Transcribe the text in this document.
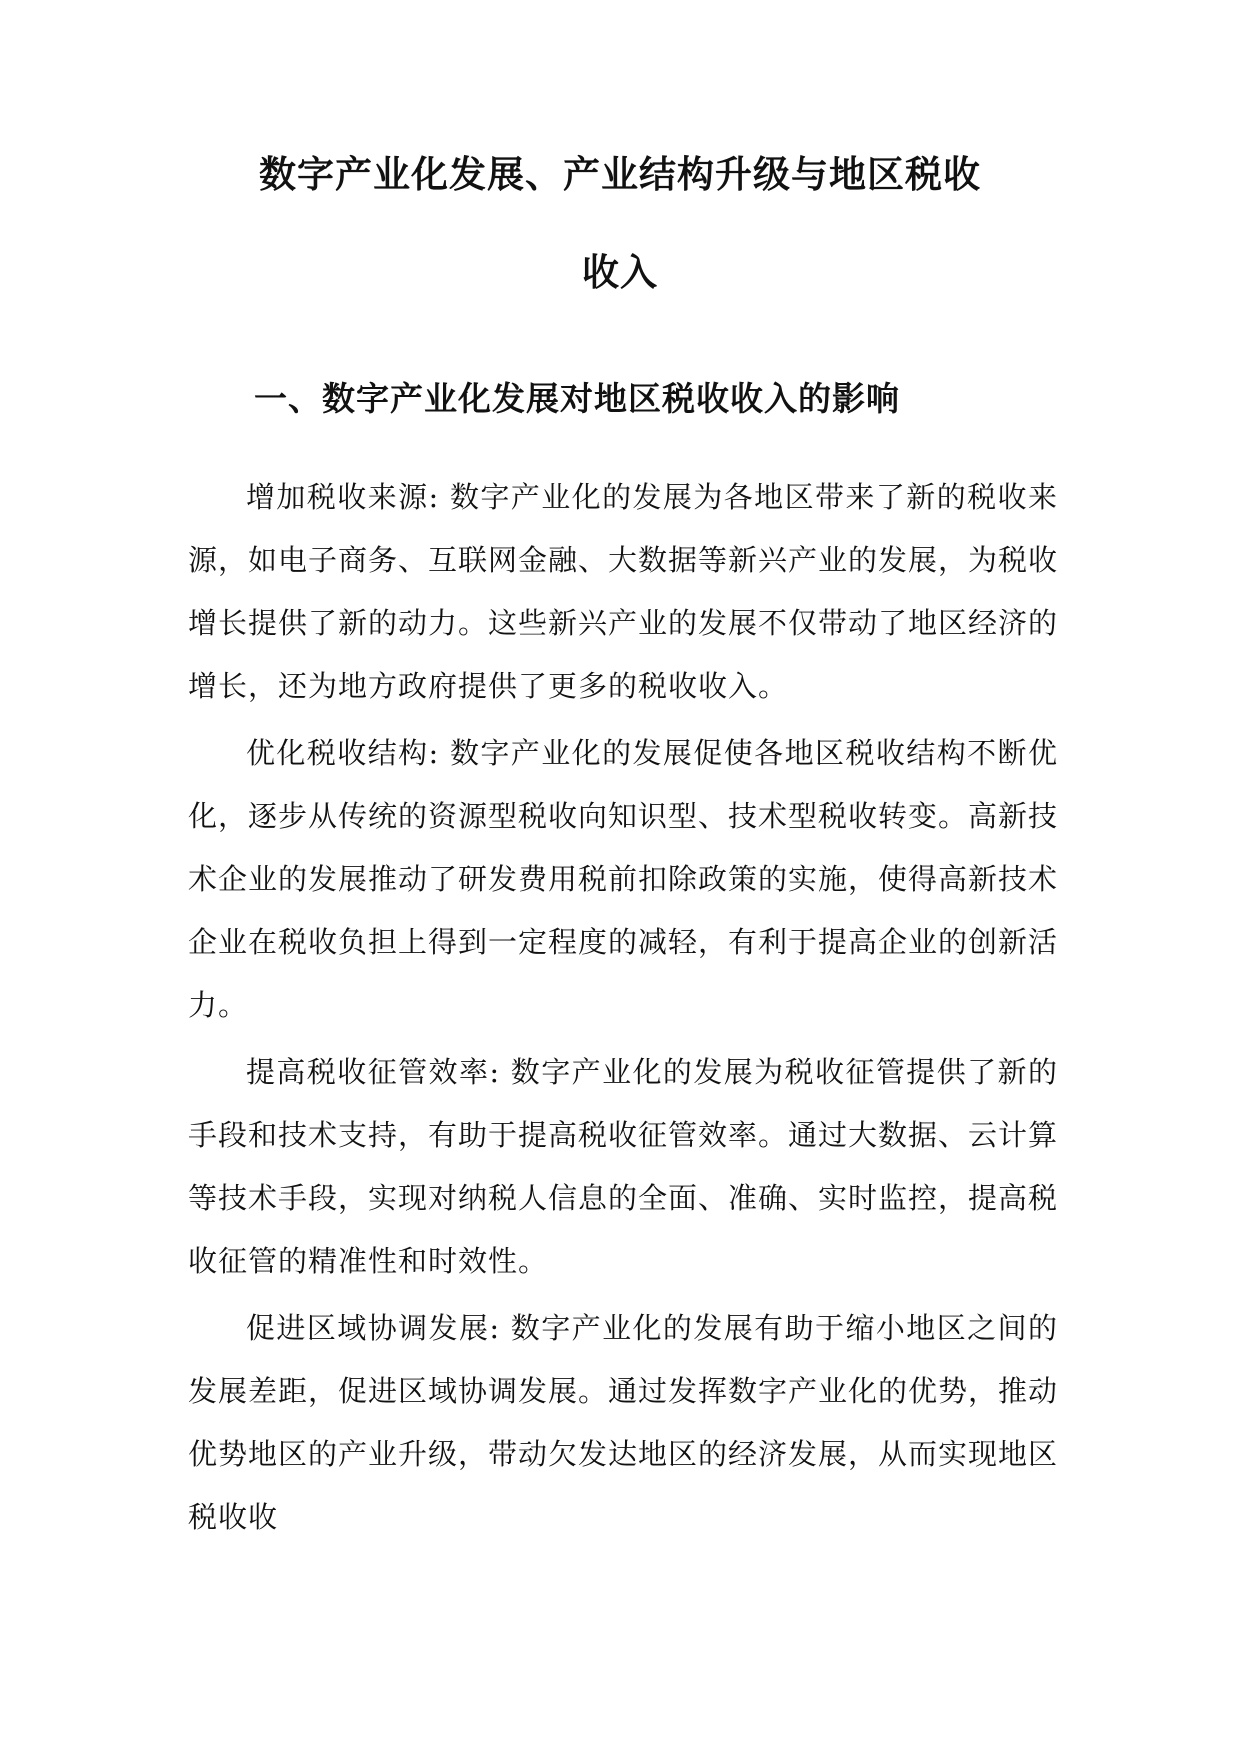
数字产业化发展、产业结构升级与地区税收
收入
一、数字产业化发展对地区税收收入的影响

增加税收来源: 数字产业化的发展为各地区带来了新的税收来源，如电子商务、互联网金融、大数据等新兴产业的发展，为税收增长提供了新的动力。这些新兴产业的发展不仅带动了地区经济的增长，还为地方政府提供了更多的税收收入。

优化税收结构: 数字产业化的发展促使各地区税收结构不断优化，逐步从传统的资源型税收向知识型、技术型税收转变。高新技术企业的发展推动了研发费用税前扣除政策的实施，使得高新技术企业在税收负担上得到一定程度的减轻，有利于提高企业的创新活力。

提高税收征管效率: 数字产业化的发展为税收征管提供了新的手段和技术支持，有助于提高税收征管效率。通过大数据、云计算等技术手段，实现对纳税人信息的全面、准确、实时监控，提高税收征管的精准性和时效性。

促进区域协调发展: 数字产业化的发展有助于缩小地区之间的发展差距，促进区域协调发展。通过发挥数字产业化的优势，推动优势地区的产业升级，带动欠发达地区的经济发展，从而实现地区税收收
